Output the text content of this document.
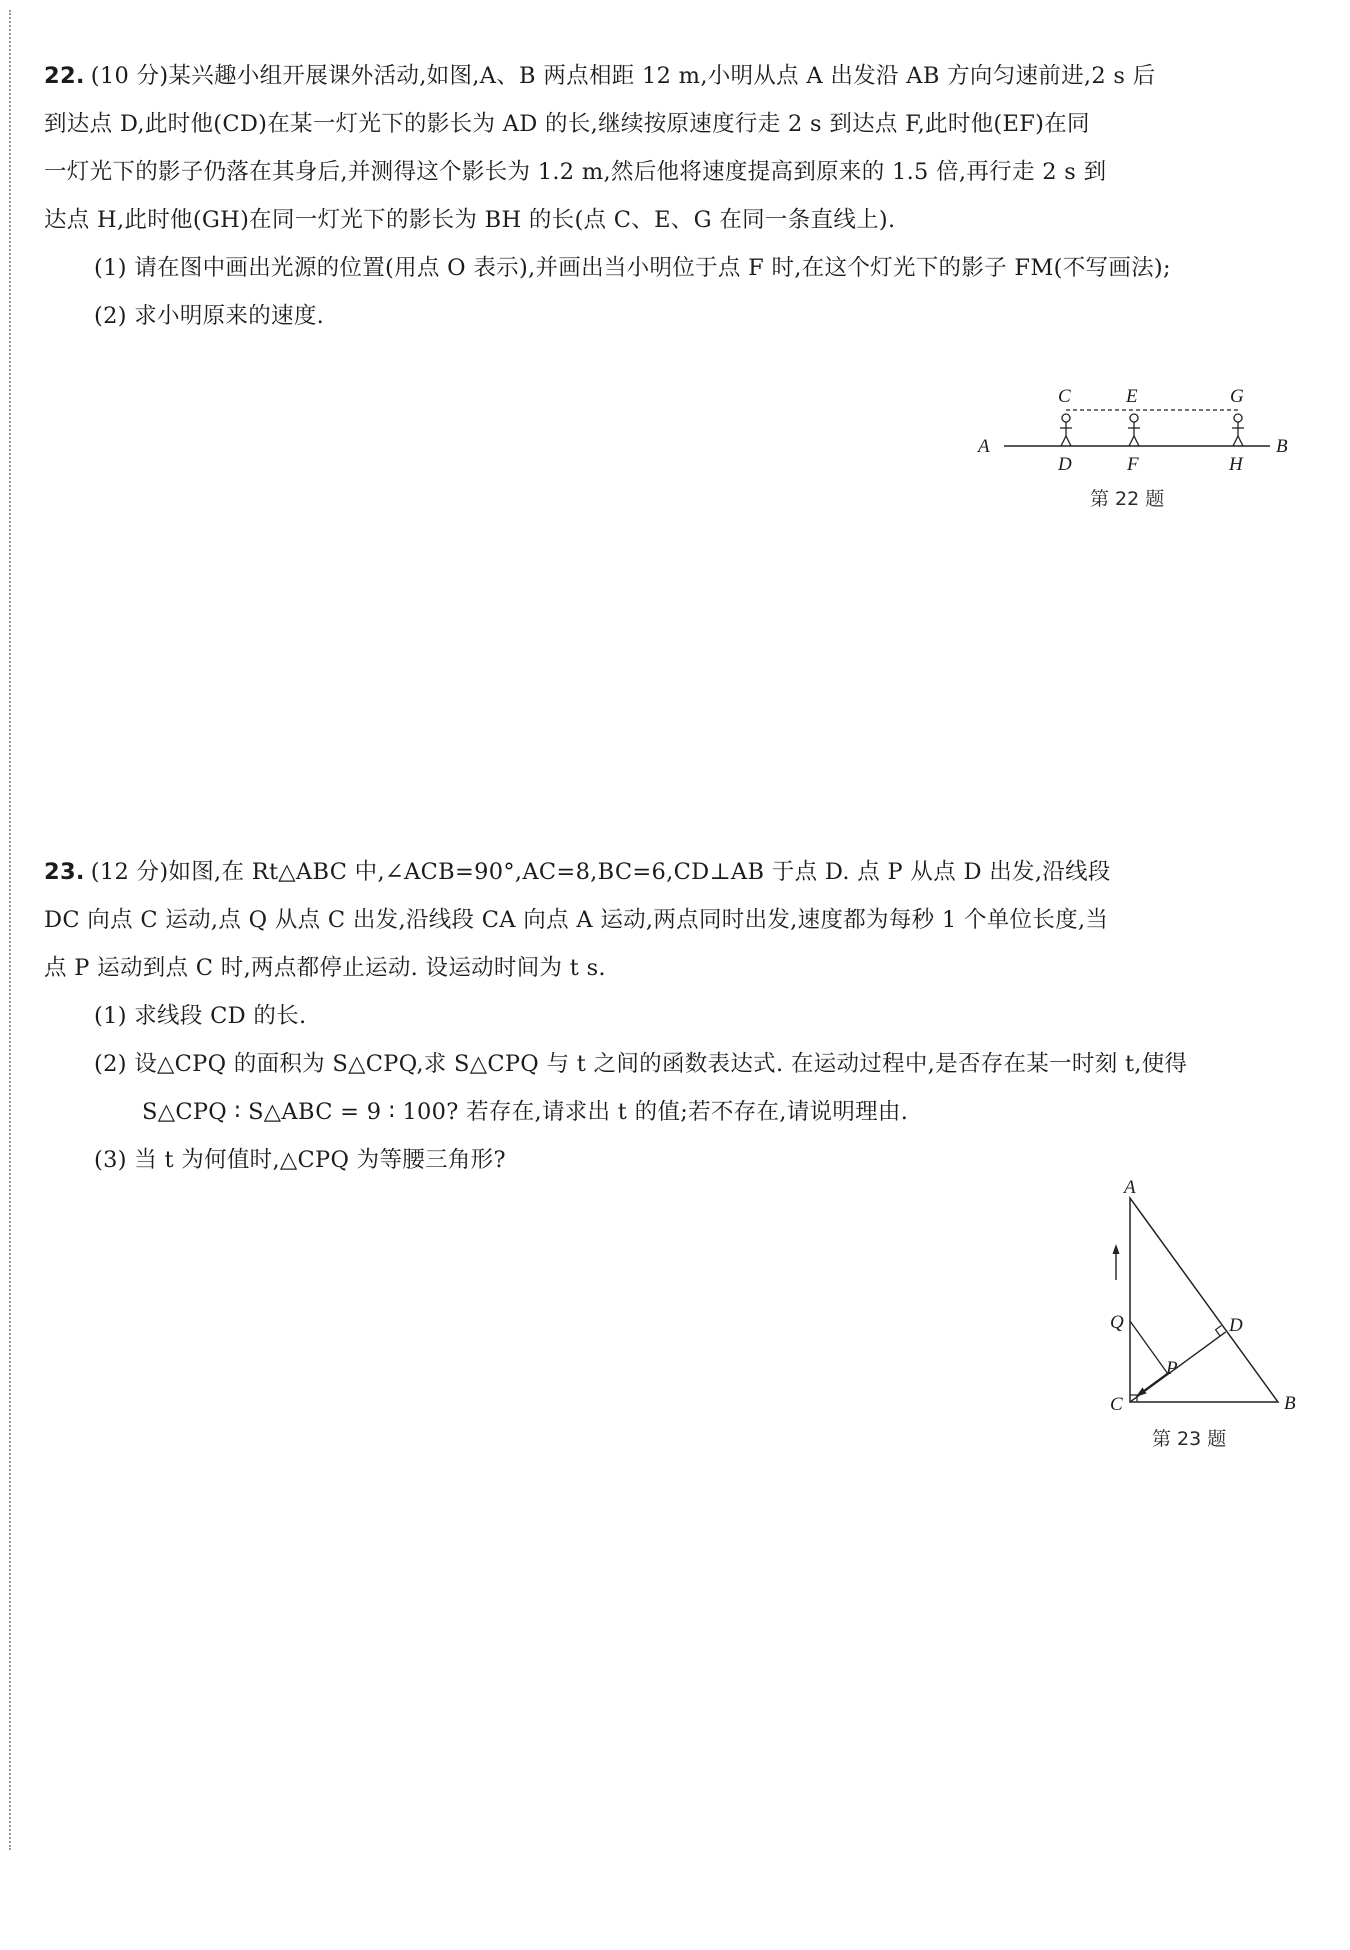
22. (10 分)某兴趣小组开展课外活动,如图,A、B 两点相距 12 m,小明从点 A 出发沿 AB 方向匀速前进,2 s 后

到达点 D,此时他(CD)在某一灯光下的影长为 AD 的长,继续按原速度行走 2 s 到达点 F,此时他(EF)在同

一灯光下的影子仍落在其身后,并测得这个影长为 1.2 m,然后他将速度提高到原来的 1.5 倍,再行走 2 s 到

达点 H,此时他(GH)在同一灯光下的影长为 BH 的长(点 C、E、G 在同一条直线上).

(1) 请在图中画出光源的位置(用点 O 表示),并画出当小明位于点 F 时,在这个灯光下的影子 FM(不写画法);

(2) 求小明原来的速度.

A	B
C	E	G
D	F	H
第 22 题

23. (12 分)如图,在 Rt△ABC 中,∠ACB=90°,AC=8,BC=6,CD⊥AB 于点 D. 点 P 从点 D 出发,沿线段

DC 向点 C 运动,点 Q 从点 C 出发,沿线段 CA 向点 A 运动,两点同时出发,速度都为每秒 1 个单位长度,当

点 P 运动到点 C 时,两点都停止运动. 设运动时间为 t s.

(1) 求线段 CD 的长.

(2) 设△CPQ 的面积为 S△CPQ,求 S△CPQ 与 t 之间的函数表达式. 在运动过程中,是否存在某一时刻 t,使得

S△CPQ ∶ S△ABC = 9 ∶ 100? 若存在,请求出 t 的值;若不存在,请说明理由.

(3) 当 t 为何值时,△CPQ 为等腰三角形?

A
B
C
D
P
Q
第 23 题
